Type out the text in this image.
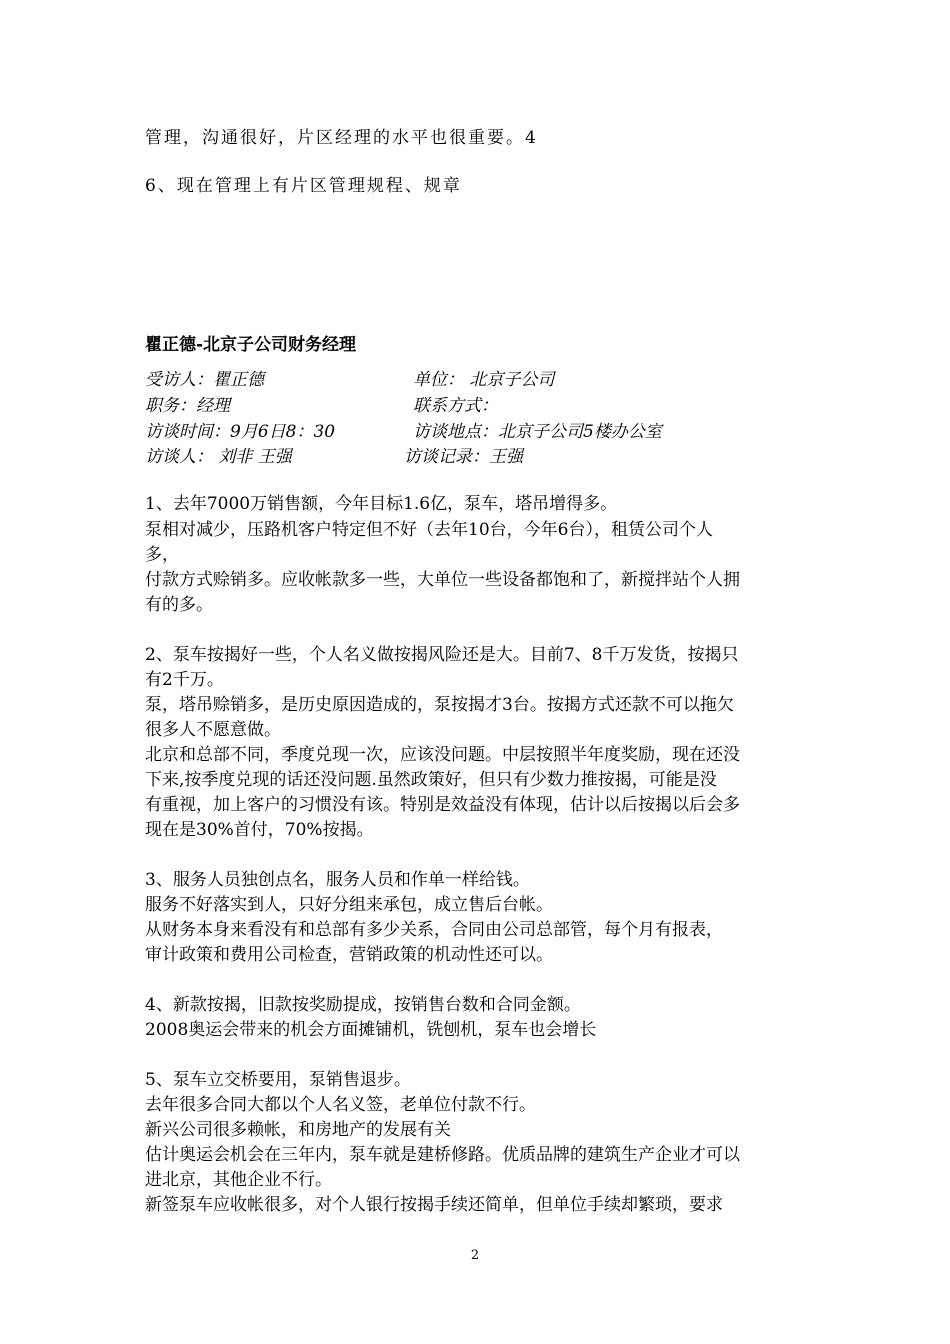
管理，沟通很好，片区经理的水平也很重要。4
6、现在管理上有片区管理规程、规章
瞿正德-北京子公司财务经理
受访人：瞿正德
职务：经理
访谈时间：9月6日8：30
访谈人： 刘非 王强
单位： 北京子公司
联系方式：
访谈地点：北京子公司5楼办公室
访谈记录：王强
1、去年7000万销售额，今年目标1.6亿，泵车，塔吊增得多。
泵相对减少，压路机客户特定但不好（去年10台，今年6台），租赁公司个人
多，
付款方式赊销多。应收帐款多一些，大单位一些设备都饱和了，新搅拌站个人拥
有的多。
2、泵车按揭好一些，个人名义做按揭风险还是大。目前7、8千万发货，按揭只
有2千万。
泵，塔吊赊销多，是历史原因造成的，泵按揭才3台。按揭方式还款不可以拖欠
很多人不愿意做。
北京和总部不同，季度兑现一次，应该没问题。中层按照半年度奖励，现在还没
下来,按季度兑现的话还没问题.虽然政策好，但只有少数力推按揭，可能是没
有重视，加上客户的习惯没有该。特别是效益没有体现，估计以后按揭以后会多
现在是30%首付，70%按揭。
3、服务人员独创点名，服务人员和作单一样给钱。
服务不好落实到人，只好分组来承包，成立售后台帐。
从财务本身来看没有和总部有多少关系，合同由公司总部管，每个月有报表，
审计政策和费用公司检查，营销政策的机动性还可以。
4、新款按揭，旧款按奖励提成，按销售台数和合同金额。
2008奥运会带来的机会方面摊铺机，铣刨机，泵车也会增长
5、泵车立交桥要用，泵销售退步。
去年很多合同大都以个人名义签，老单位付款不行。
新兴公司很多赖帐，和房地产的发展有关
估计奥运会机会在三年内，泵车就是建桥修路。优质品牌的建筑生产企业才可以
进北京，其他企业不行。
新签泵车应收帐很多，对个人银行按揭手续还简单，但单位手续却繁琐，要求
2
